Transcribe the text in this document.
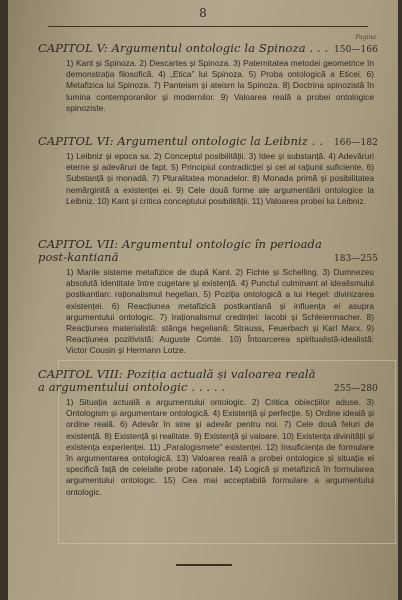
8
Pagina
CAPITOL V: Argumentul ontologic la Spinoza . . . 150—166
1) Kant și Spinoza. 2) Descartes și Spinoza. 3) Paternitatea metodei geometrice în demonstrația filosofică. 4) „Etica” lui Spinoza. 5) Proba ontologică a Eticei. 6) Metafizica lui Spinoza. 7) Panteism și ateism la Spinoza. 8) Doctrina spinozistă în lumina contemporanilor și modernilor. 9) Valoarea reală a probei ontologice spinoziste.
CAPITOL VI: Argumentul ontologic la Leibniz . . 166—182
1) Leibniz și epoca sa. 2) Conceptul posibilității. 3) Idee și substanță. 4) Adevăruri eterne și adevăruri de fapt. 5) Principiul contradicției și cel al rațiunii suficiente. 6) Substanță și monadă. 7) Pluralitatea monadelor. 8) Monada primă și posibilitatea nemărginită a existenței ei. 9) Cele două forme ale argumentării ontologice la Leibniz. 10) Kant și critica conceptului posibilității. 11) Valoarea probei lui Leibniz.
CAPITOL VII: Argumentul ontologic în perioada post-kantiană	183—255
1) Marile sisteme metafizice de după Kant. 2) Fichte și Schelling. 3) Dumnezeu absolută identitate între cugetare și existență. 4) Punctul culminant al idealismului postkantian: raționalismul hegelian. 5) Poziția ontologică a lui Hegel: divinizarea existenței. 6) Reacțiunea metafizică postkantiană și influența ei asupra argumentului ontologic. 7) Iraționalismul credinței: Iacobi și Schleiermacher. 8) Reacțiunea materialistă: stânga hegeliană: Strauss, Feuerbach și Karl Marx. 9) Reacțiunea pozitivistă: Auguste Comte. 10) Întoarcerea spiritualistă-idealistă: Victor Cousin și Hermann Lotze.
CAPITOL VIII: Poziția actuală și valoarea reală a argumentului ontologic . . . . .	255—280
1) Situația actuală a argumentului ontologic. 2) Critica obiecțiilor aduse. 3) Ontologism și argumentare ontologică. 4) Existență și perfecție. 5) Ordine ideală și ordine reală. 6) Adevăr în sine și adevăr pentru noi. 7) Cele două feluri de existență. 8) Existență și realitate. 9) Existență și valoare. 10) Existența divinității și existența experienței. 11) „Paralogismele” existenței. 12) Insuficiența de formulare în argumentarea ontologică. 13) Valoarea reală a probei ontologice și situația ei specifică față de celelalte probe raționale. 14) Logică și metafizică în formularea argumentului ontologic. 15) Cea mai acceptabilă formulare a argumentului ontologic.
